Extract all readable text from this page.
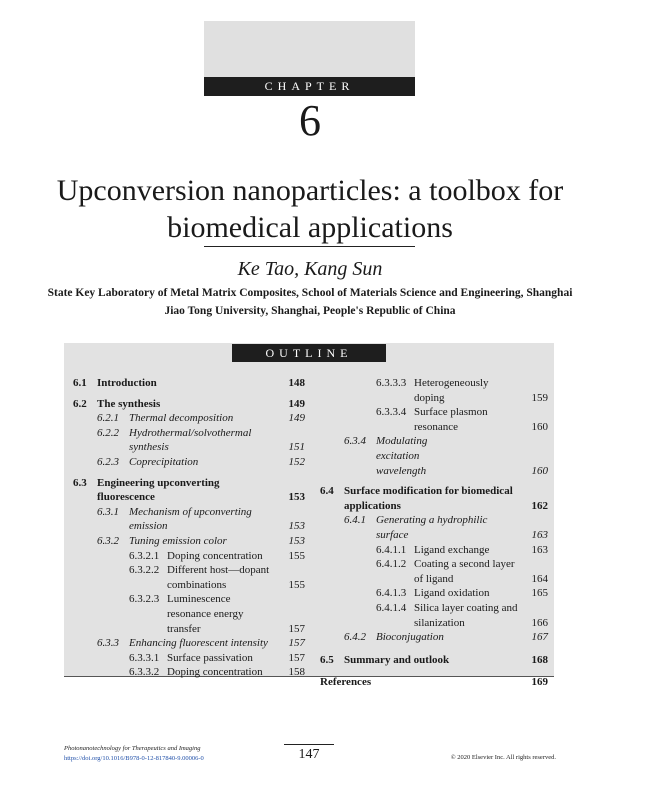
CHAPTER
6
Upconversion nanoparticles: a toolbox for biomedical applications
Ke Tao, Kang Sun
State Key Laboratory of Metal Matrix Composites, School of Materials Science and Engineering, Shanghai Jiao Tong University, Shanghai, People's Republic of China
OUTLINE
6.1 Introduction	148
6.2 The synthesis	149
6.2.1 Thermal decomposition	149
6.2.2 Hydrothermal/solvothermal synthesis	151
6.2.3 Coprecipitation	152
6.3 Engineering upconverting fluorescence	153
6.3.1 Mechanism of upconverting emission	153
6.3.2 Tuning emission color	153
6.3.2.1 Doping concentration	155
6.3.2.2 Different host—dopant combinations	155
6.3.2.3 Luminescence resonance energy transfer	157
6.3.3 Enhancing fluorescent intensity	157
6.3.3.1 Surface passivation	157
6.3.3.2 Doping concentration	158
6.3.3.3 Heterogeneously doping	159
6.3.3.4 Surface plasmon resonance	160
6.3.4 Modulating excitation wavelength	160
6.4 Surface modification for biomedical applications	162
6.4.1 Generating a hydrophilic surface	163
6.4.1.1 Ligand exchange	163
6.4.1.2 Coating a second layer of ligand	164
6.4.1.3 Ligand oxidation	165
6.4.1.4 Silica layer coating and silanization	166
6.4.2 Bioconjugation	167
6.5 Summary and outlook	168
References	169
Photonanotechnology for Therapeutics and Imaging
https://doi.org/10.1016/B978-0-12-817840-9.00006-0	147	© 2020 Elsevier Inc. All rights reserved.
